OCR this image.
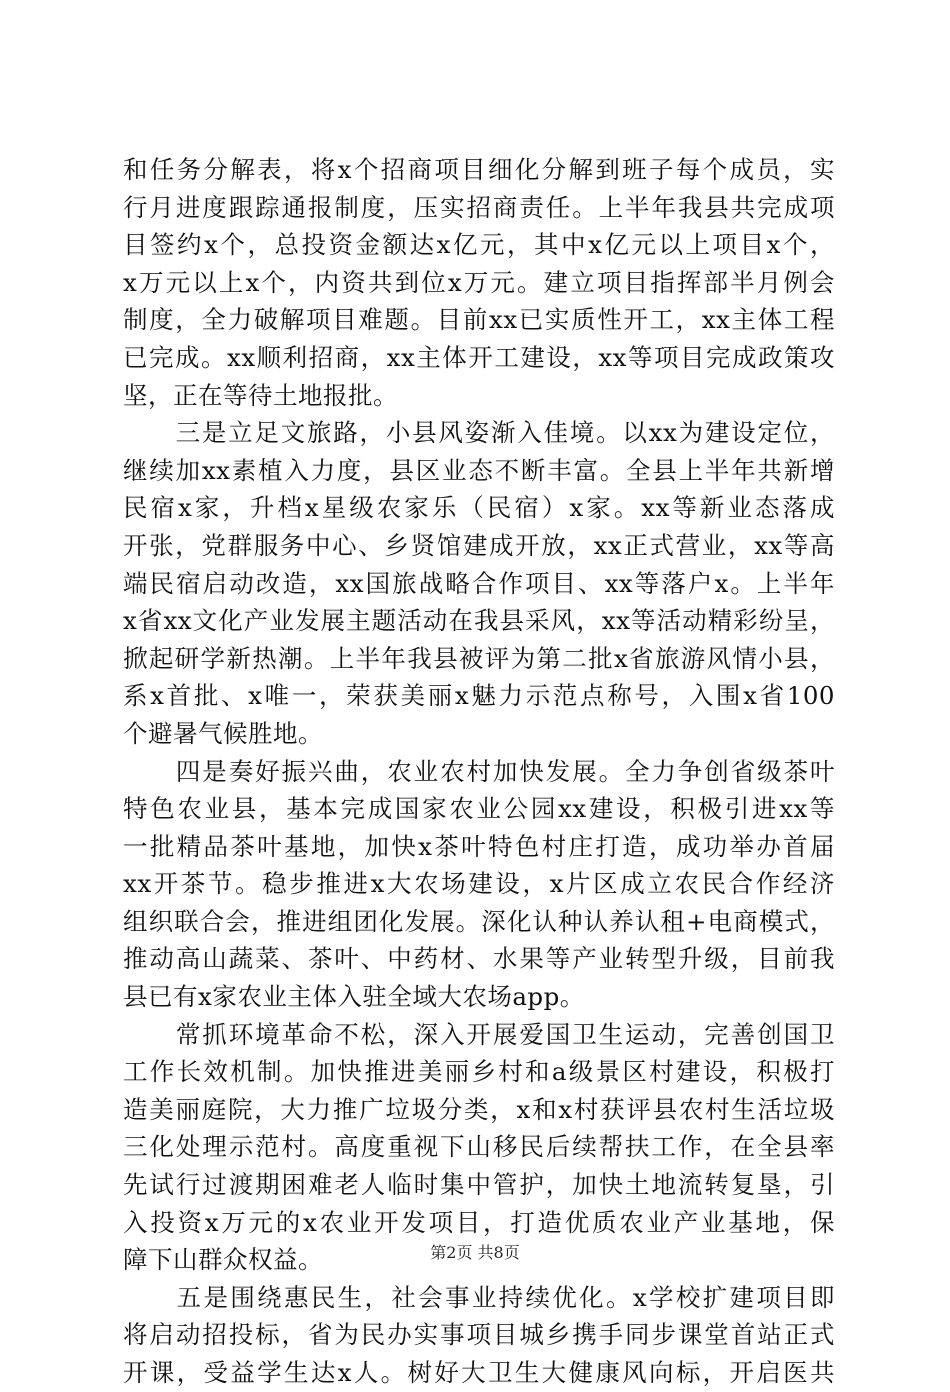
和任务分解表，将x个招商项目细化分解到班子每个成员，实
行月进度跟踪通报制度，压实招商责任。上半年我县共完成项
目签约x个，总投资金额达x亿元，其中x亿元以上项目x个，
x万元以上x个，内资共到位x万元。建立项目指挥部半月例会
制度，全力破解项目难题。目前xx已实质性开工，xx主体工程
已完成。xx顺利招商，xx主体开工建设，xx等项目完成政策攻
坚，正在等待土地报批。
　　三是立足文旅路，小县风姿渐入佳境。以xx为建设定位，
继续加xx素植入力度，县区业态不断丰富。全县上半年共新增
民宿x家，升档x星级农家乐（民宿）x家。xx等新业态落成
开张，党群服务中心、乡贤馆建成开放，xx正式营业，xx等高
端民宿启动改造，xx国旅战略合作项目、xx等落户x。上半年
x省xx文化产业发展主题活动在我县采风，xx等活动精彩纷呈，
掀起研学新热潮。上半年我县被评为第二批x省旅游风情小县，
系x首批、x唯一，荣获美丽x魅力示范点称号，入围x省100
个避暑气候胜地。
　　四是奏好振兴曲，农业农村加快发展。全力争创省级茶叶
特色农业县，基本完成国家农业公园xx建设，积极引进xx等
一批精品茶叶基地，加快x茶叶特色村庄打造，成功举办首届
xx开茶节。稳步推进x大农场建设，x片区成立农民合作经济
组织联合会，推进组团化发展。深化认种认养认租+电商模式，
推动高山蔬菜、茶叶、中药材、水果等产业转型升级，目前我
县已有x家农业主体入驻全域大农场app。
　　常抓环境革命不松，深入开展爱国卫生运动，完善创国卫
工作长效机制。加快推进美丽乡村和a级景区村建设，积极打
造美丽庭院，大力推广垃圾分类，x和x村获评县农村生活垃圾
三化处理示范村。高度重视下山移民后续帮扶工作，在全县率
先试行过渡期困难老人临时集中管护，加快土地流转复垦，引
入投资x万元的x农业开发项目，打造优质农业产业基地，保
障下山群众权益。
　　五是围绕惠民生，社会事业持续优化。x学校扩建项目即
将启动招投标，省为民办实事项目城乡携手同步课堂首站正式
开课，受益学生达x人。树好大卫生大健康风向标，开启医共
第2页 共8页
